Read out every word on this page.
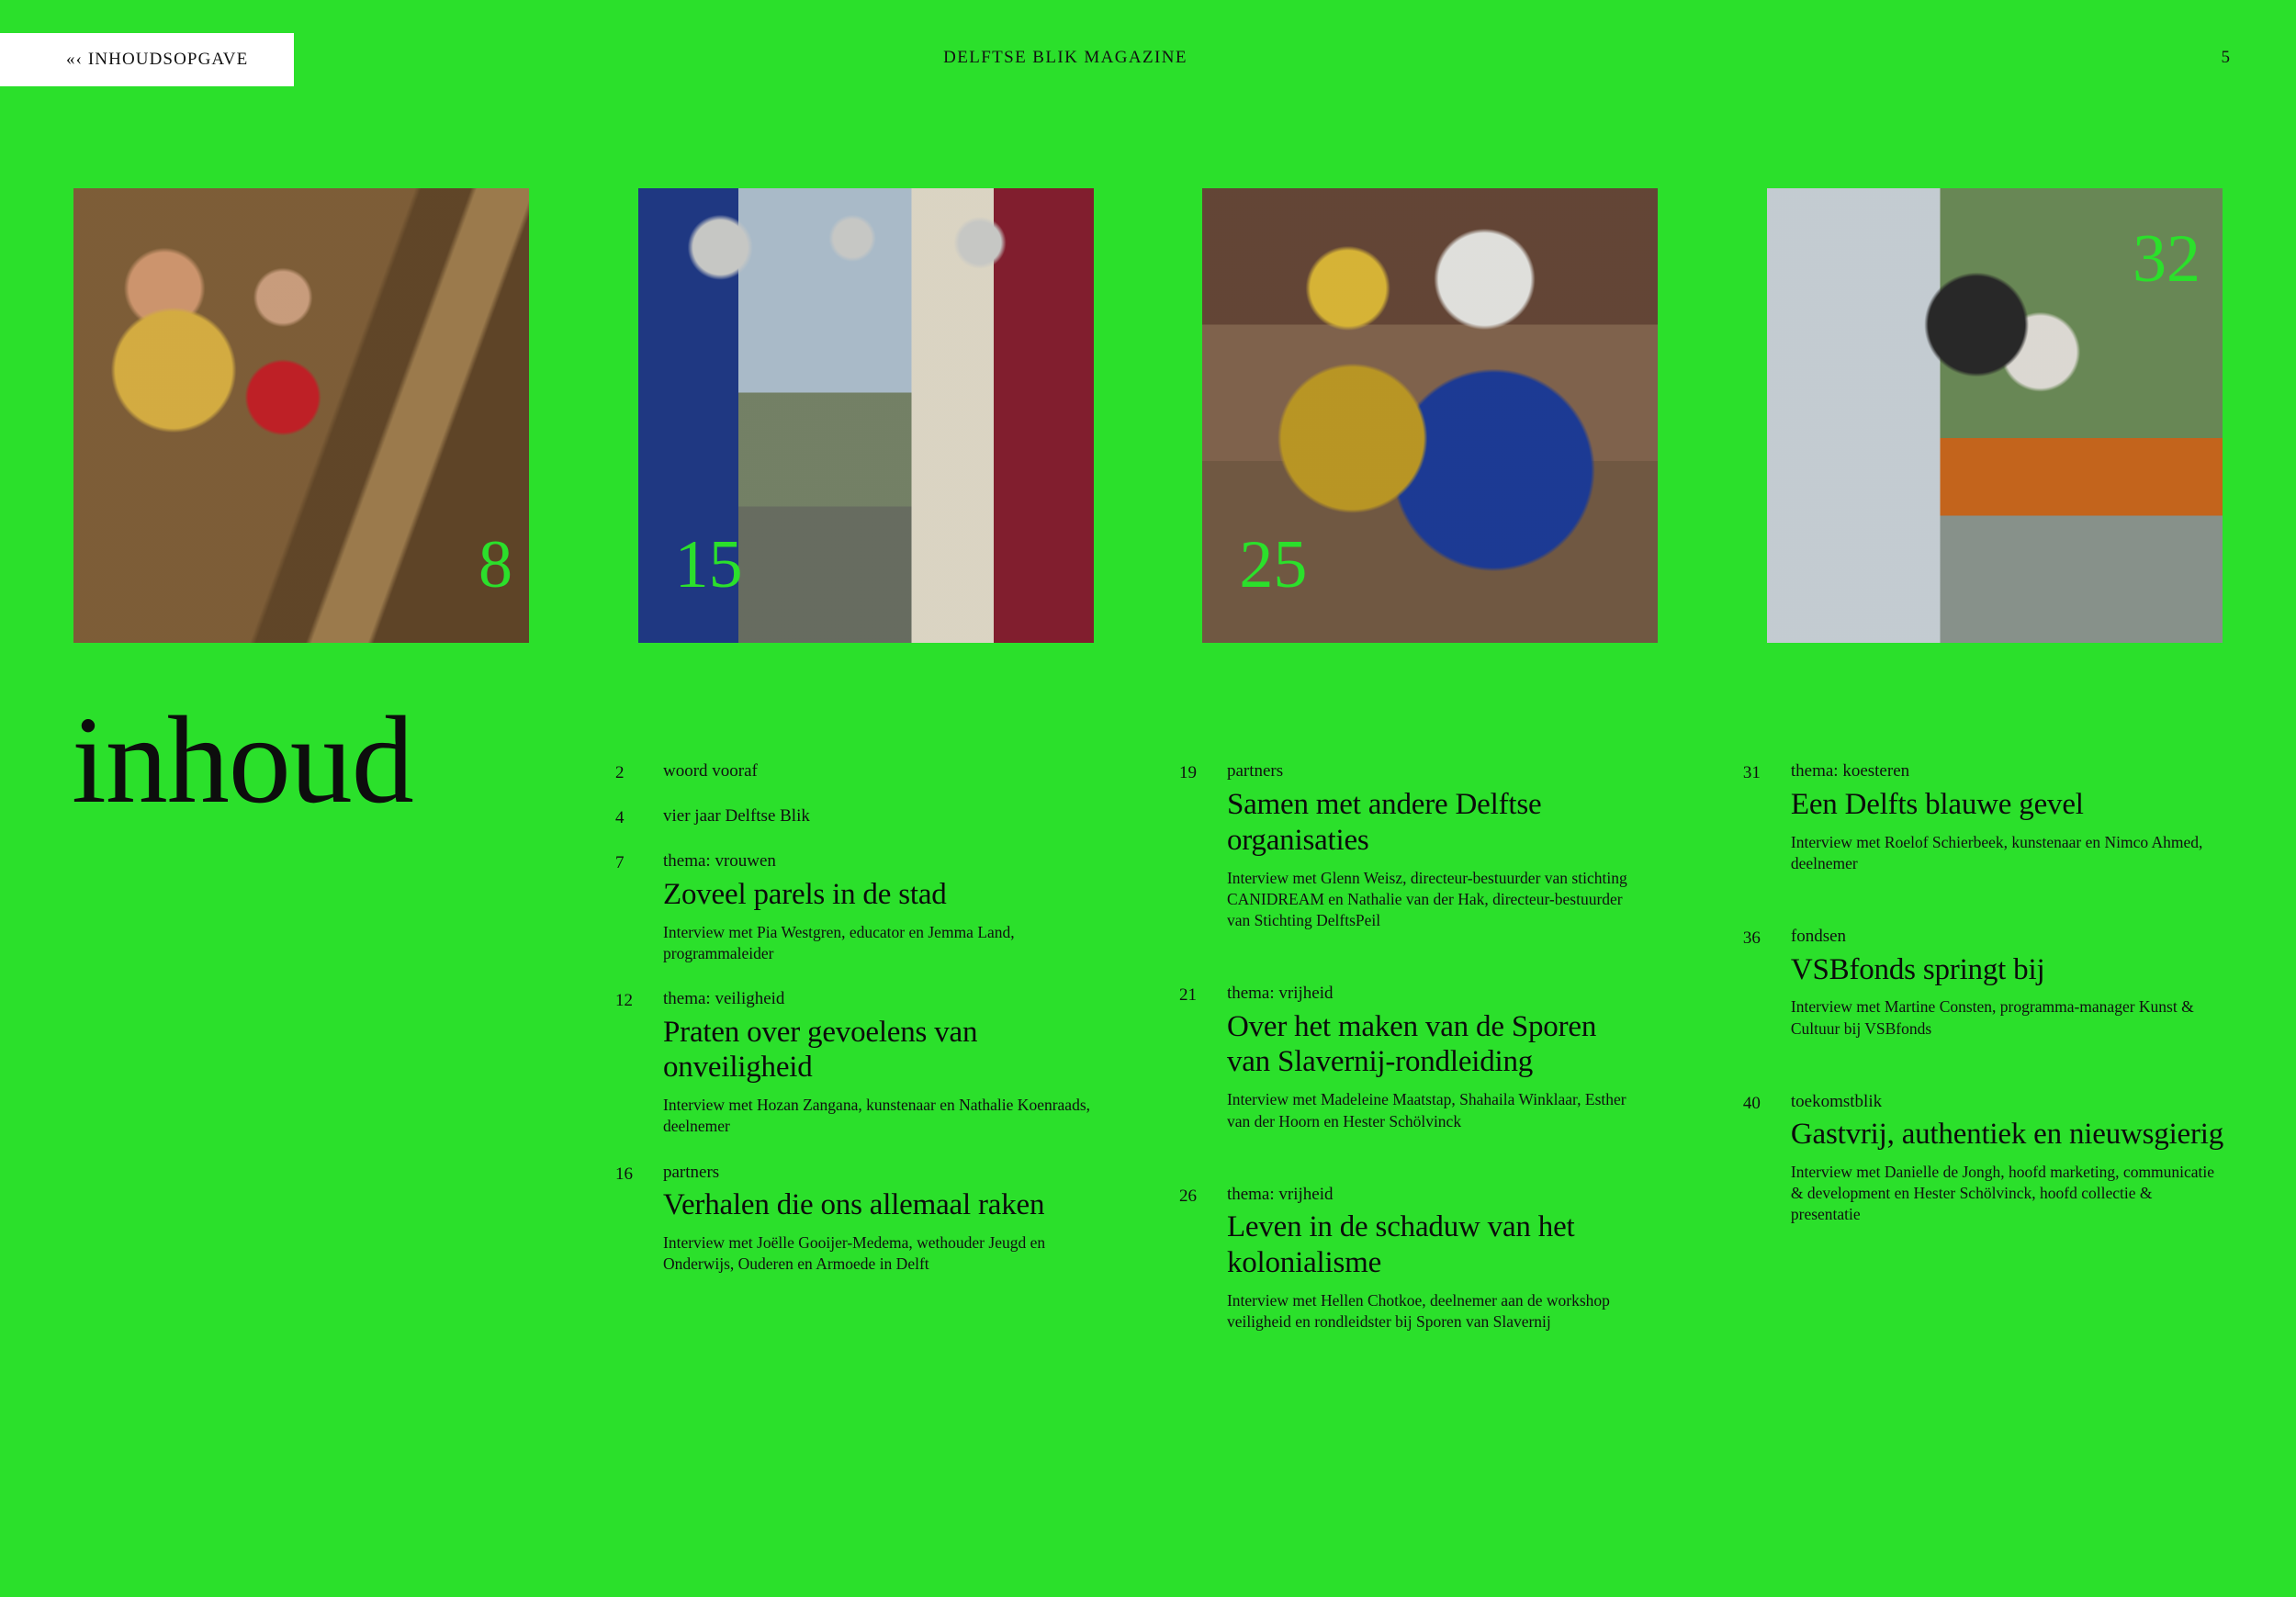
«‹ INHOUDSOPGAVE	DELFTSE BLIK MAGAZINE	5
8 15	25
32
inhoud	2	woord vooraf
4	vier jaar Delftse Blik
7	thema: vrouwen
Zoveel parels in de stad
Interview met Pia Westgren, educator en Jemma Land, programmaleider
12	thema: veiligheid
Praten over gevoelens van onveiligheid
Interview met Hozan Zangana, kunstenaar en Nathalie Koenraads, deelnemer
16	partners
Verhalen die ons allemaal raken
Interview met Joëlle Gooijer-Medema, wethouder Jeugd en Onderwijs, Ouderen en Armoede in Delft
19	partners
Samen met andere Delftse organisaties
Interview met Glenn Weisz, directeur-bestuurder van stichting CANIDREAM en Nathalie van der Hak, directeur-bestuurder van Stichting DelftsPeil
21	thema: vrijheid
Over het maken van de Sporen van Slavernij-rondleiding
Interview met Madeleine Maatstap, Shahaila Winklaar, Esther van der Hoorn en Hester Schölvinck
26	thema: vrijheid
Leven in de schaduw van het kolonialisme
Interview met Hellen Chotkoe, deelnemer aan de workshop veiligheid en rondleidster bij Sporen van Slavernij
31	thema: koesteren
Een Delfts blauwe gevel
Interview met Roelof Schierbeek, kunstenaar en Nimco Ahmed, deelnemer
36	fondsen
VSBfonds springt bij
Interview met Martine Consten, programma-manager Kunst & Cultuur bij VSBfonds
40	toekomstblik
Gastvrij, authentiek en nieuwsgierig
Interview met Danielle de Jongh, hoofd marketing, communicatie & development en Hester Schölvinck, hoofd collectie & presentatie
